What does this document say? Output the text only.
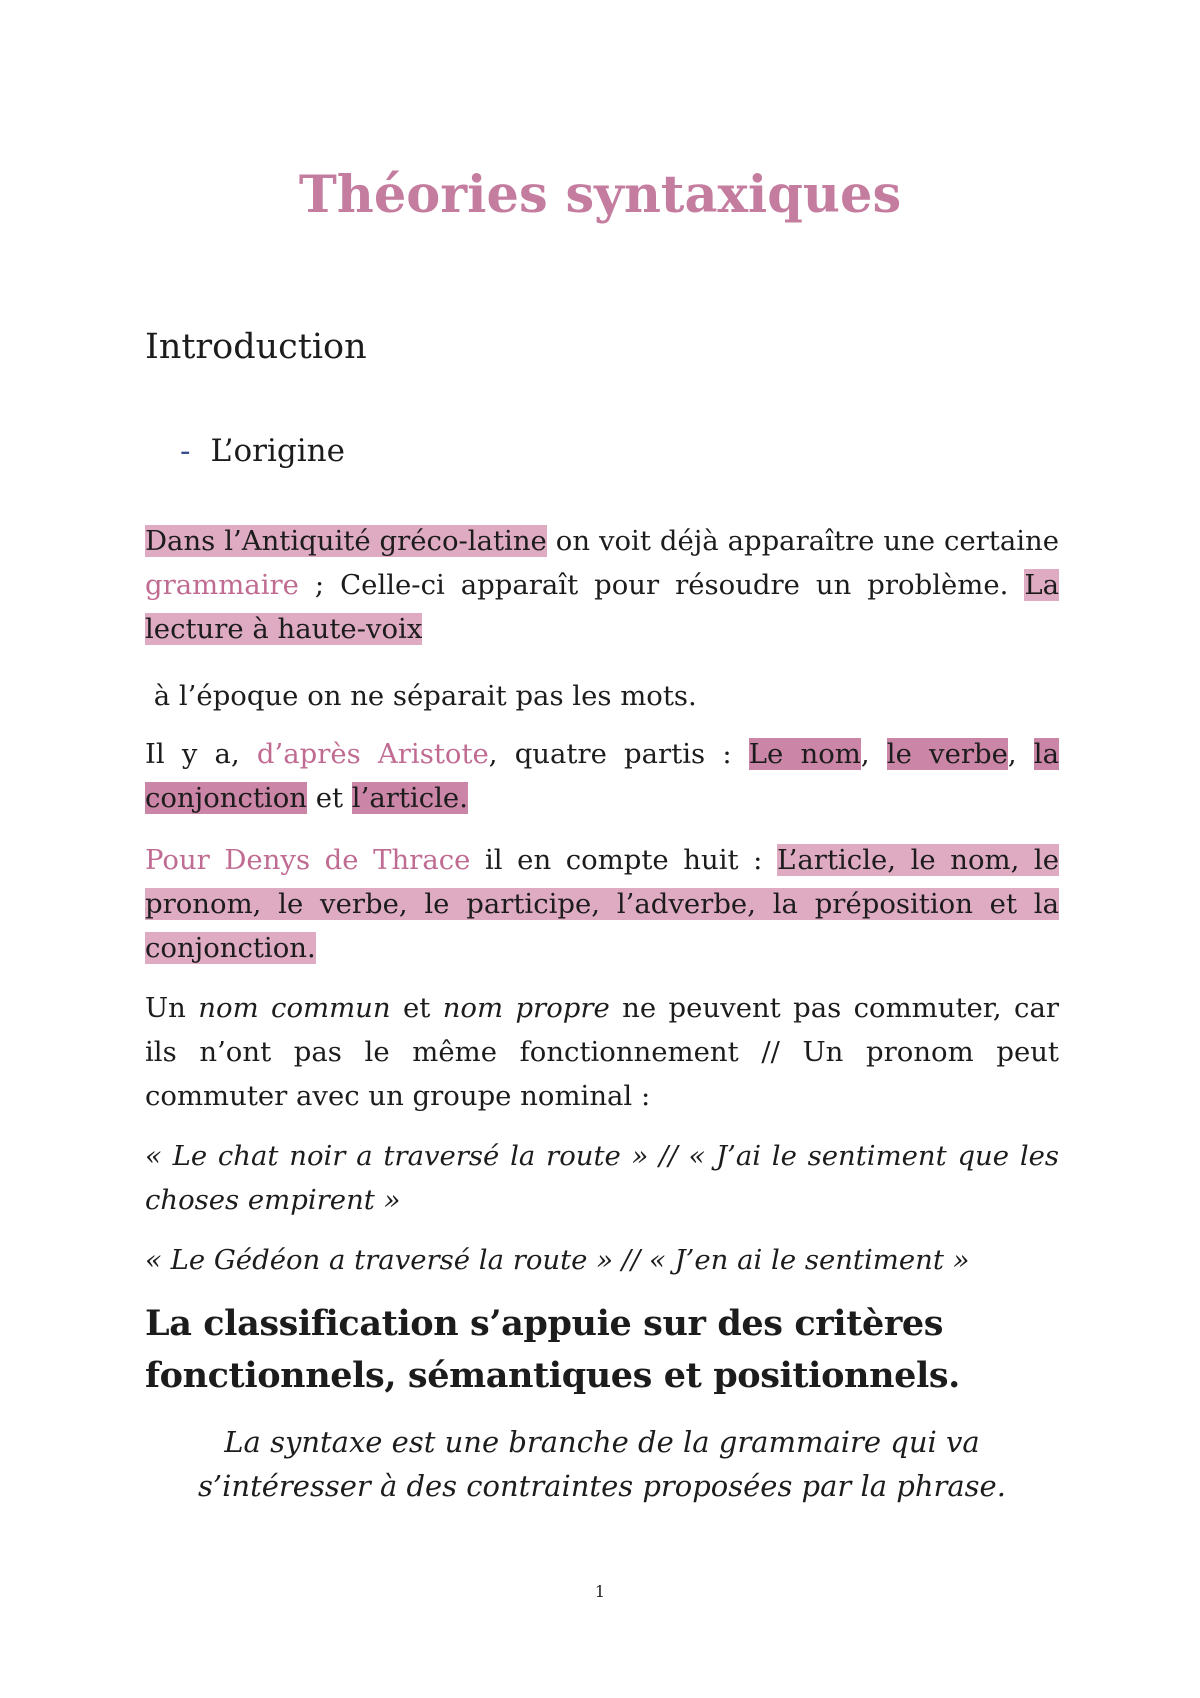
Théories syntaxiques
Introduction
- L’origine

Dans l’Antiquité gréco-latine on voit déjà apparaître une certaine grammaire ; Celle-ci apparaît pour résoudre un problème. La lecture à haute-voix

à l’époque on ne séparait pas les mots.

Il y a, d’après Aristote, quatre partis : Le nom, le verbe, la conjonction et l’article.

Pour Denys de Thrace il en compte huit : L’article, le nom, le pronom, le verbe, le participe, l’adverbe, la préposition et la conjonction.

Un nom commun et nom propre ne peuvent pas commuter, car ils n’ont pas le même fonctionnement // Un pronom peut commuter avec un groupe nominal :

« Le chat noir a traversé la route » // « J’ai le sentiment que les choses empirent »

« Le Gédéon a traversé la route » // « J’en ai le sentiment »

La classification s’appuie sur des critères fonctionnels, sémantiques et positionnels.

La syntaxe est une branche de la grammaire qui va s’intéresser à des contraintes proposées par la phrase.

1
